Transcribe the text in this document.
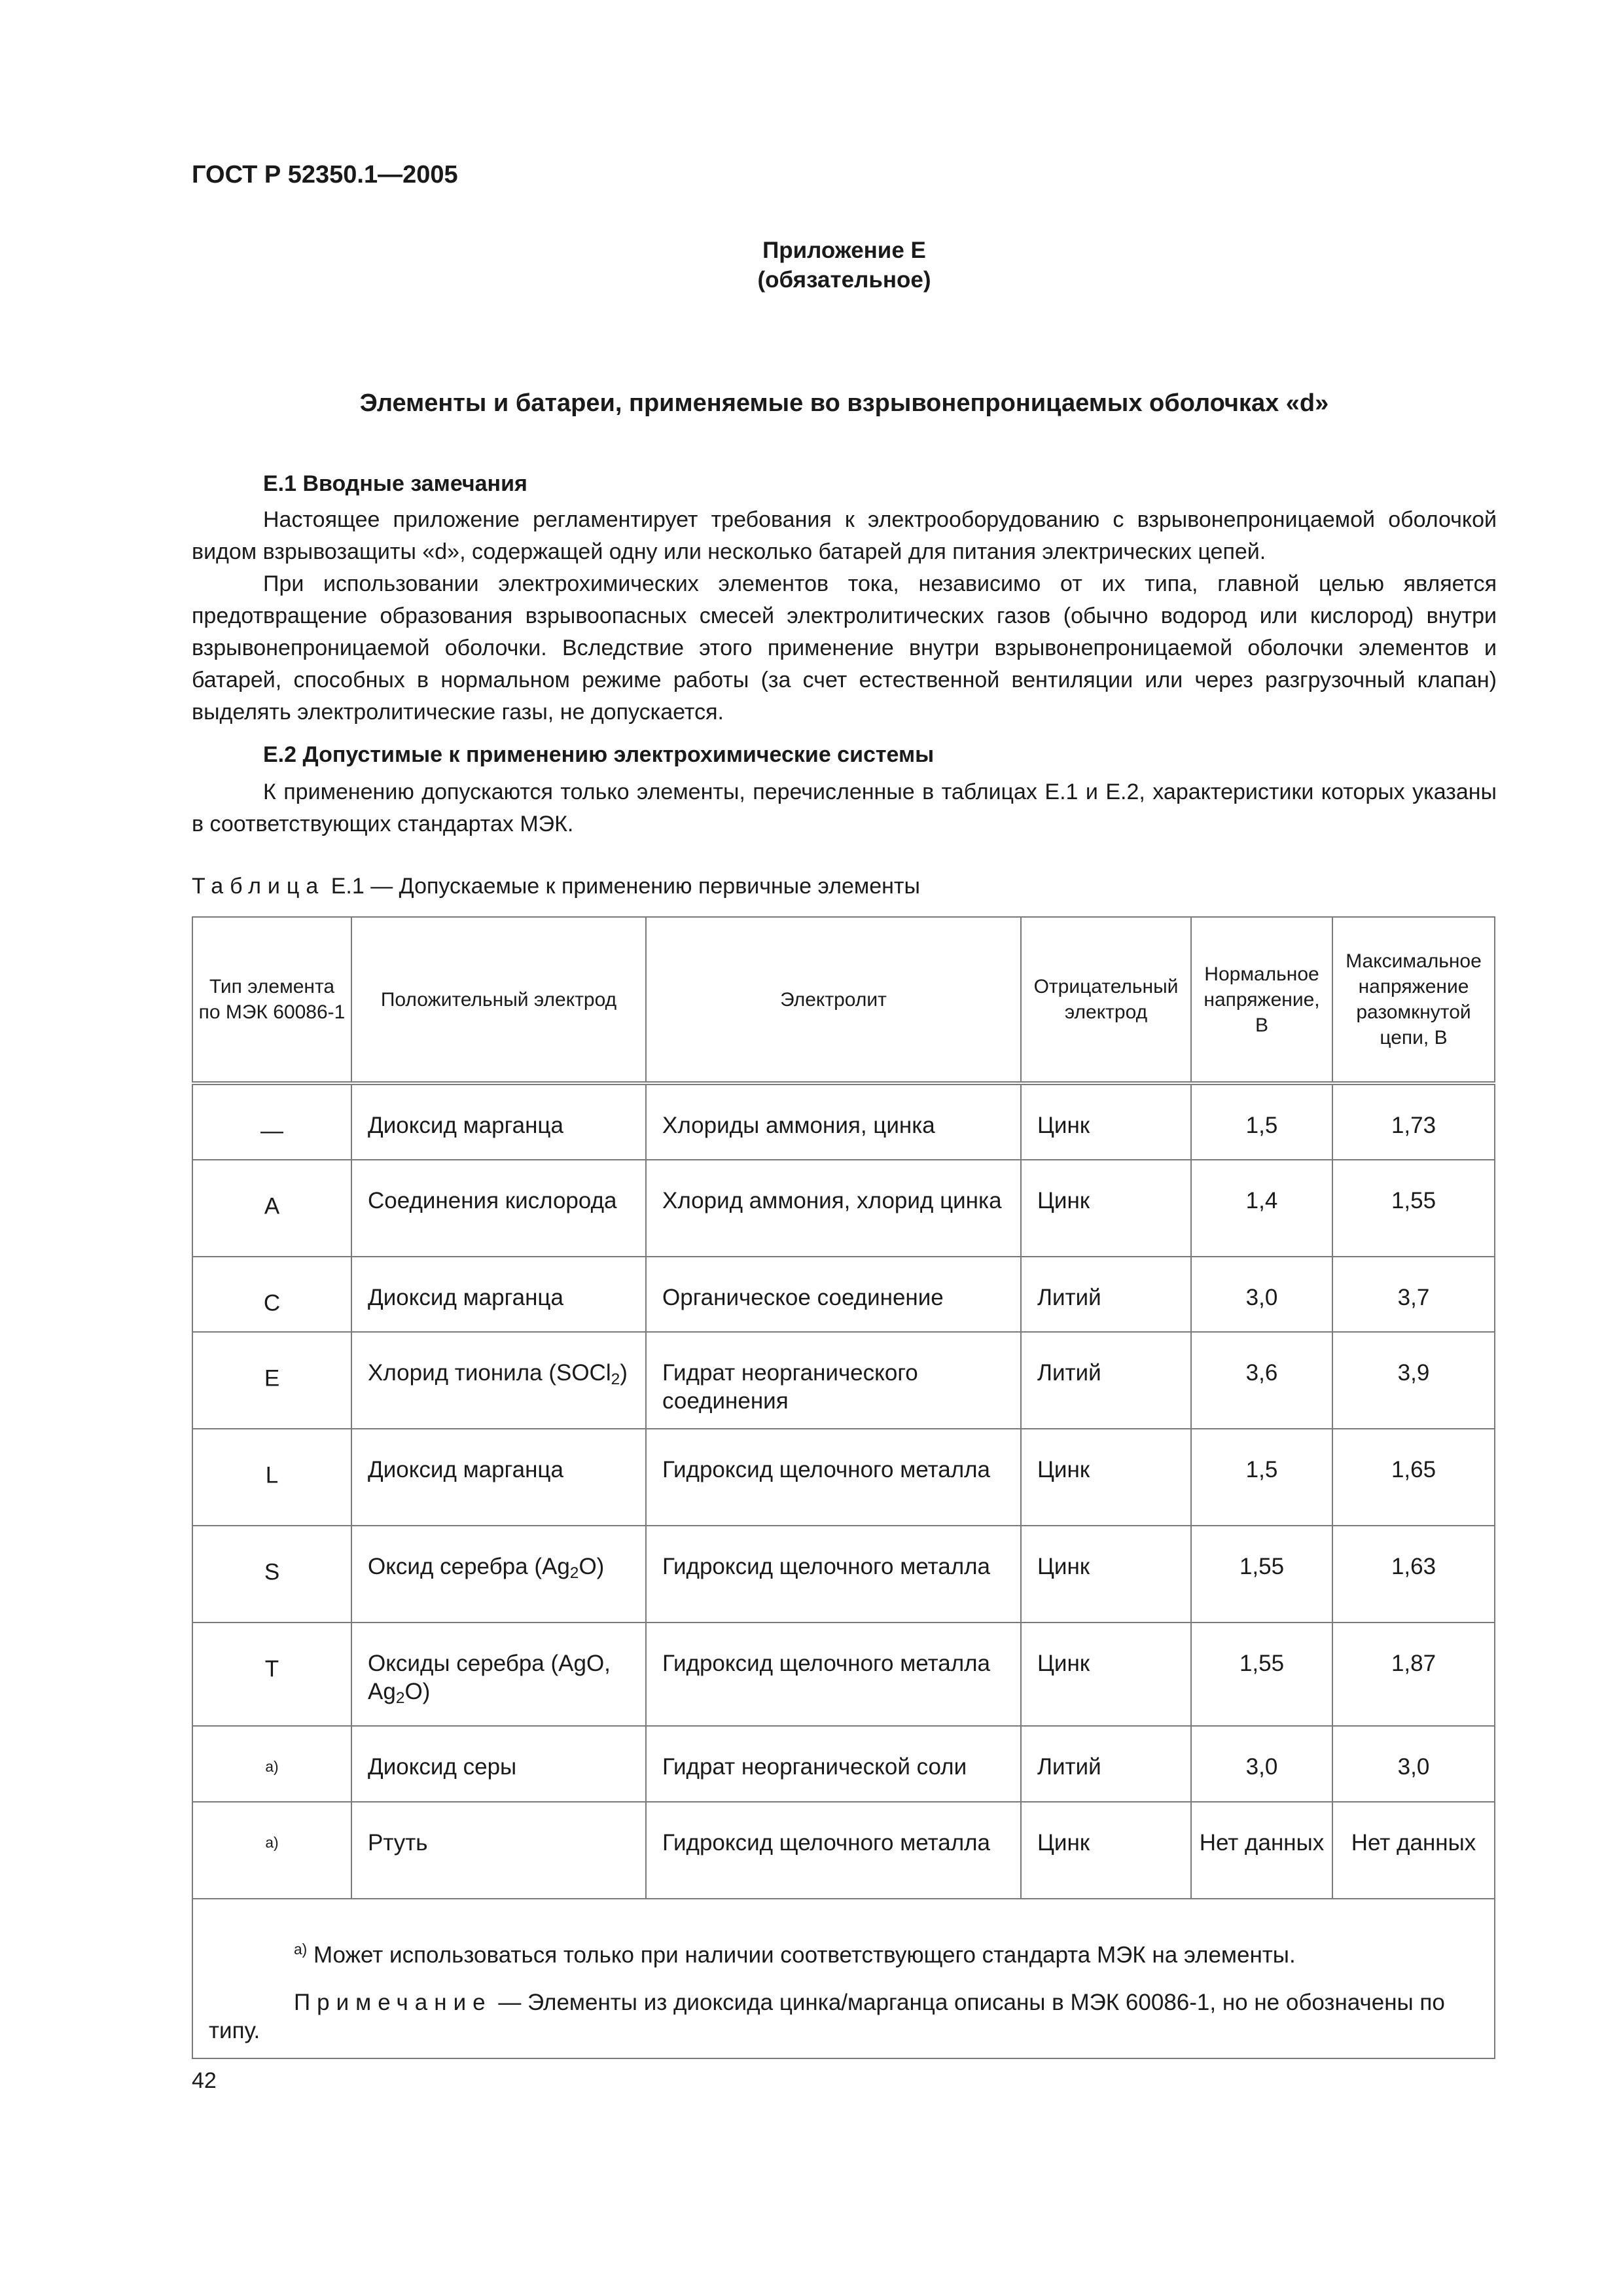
ГОСТ Р 52350.1—2005
Приложение Е
(обязательное)
Элементы и батареи, применяемые во взрывонепроницаемых оболочках «d»
Е.1 Вводные замечания

Настоящее приложение регламентирует требования к электрооборудованию с взрывонепроницаемой оболочкой видом взрывозащиты «d», содержащей одну или несколько батарей для питания электрических цепей.

При использовании электрохимических элементов тока, независимо от их типа, главной целью является предотвращение образования взрывоопасных смесей электролитических газов (обычно водород или кислород) внутри взрывонепроницаемой оболочки. Вследствие этого применение внутри взрывонепроницаемой оболочки элементов и батарей, способных в нормальном режиме работы (за счет естественной вентиляции или через разгрузочный клапан) выделять электролитические газы, не допускается.

Е.2 Допустимые к применению электрохимические системы

К применению допускаются только элементы, перечисленные в таблицах Е.1 и Е.2, характеристики которых указаны в соответствующих стандартах МЭК.

Таблица Е.1 — Допускаемые к применению первичные элементы
Тип элемента по МЭК 60086-1	Положительный электрод	Электролит	Отрицательный электрод	Нормальное напряжение, В	Максимальное напряжение разомкнутой цепи, В
—	Диоксид марганца	Хлориды аммония, цинка	Цинк	1,5	1,73
A	Соединения кислорода	Хлорид аммония, хлорид цинка	Цинк	1,4	1,55
C	Диоксид марганца	Органическое соединение	Литий	3,0	3,7
E	Хлорид тионила (SOCl$_2$)	Гидрат неорганического соединения	Литий	3,6	3,9
L	Диоксид марганца	Гидроксид щелочного металла	Цинк	1,5	1,65
S	Оксид серебра $(Ag_2O)$	Гидроксид щелочного металла	Цинк	1,55	1,63
T	Оксиды серебра (AgO, $Ag_2O$)	Гидроксид щелочного металла	Цинк	1,55	1,87
$^{a)}$	Диоксид серы	Гидрат неорганической соли	Литий	3,0	3,0
$^{a)}$	Ртуть	Гидроксид щелочного металла	Цинк	Нет данных	Нет данных

$^{a)}$ Может использоваться только при наличии соответствующего стандарта МЭК на элементы.
Примечание — Элементы из диоксида цинка/марганца описаны в МЭК 60086-1, но не обозначены по типу.					
42
